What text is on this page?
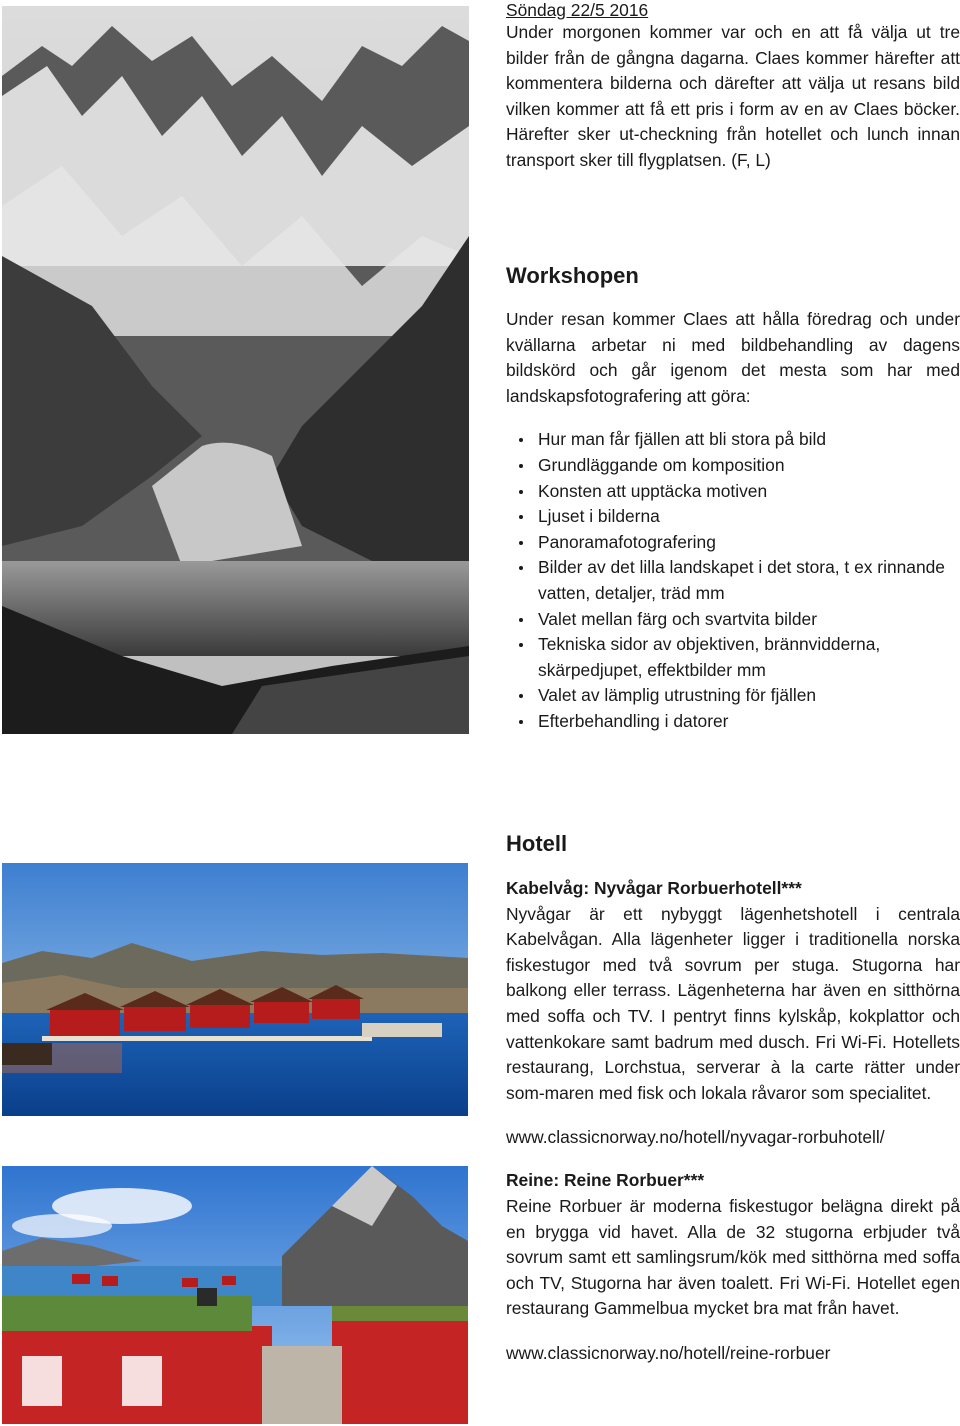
Söndag 22/5 2016

Under morgonen kommer var och en att få välja ut tre bilder från de gångna dagarna. Claes kommer härefter att kommentera bilderna och därefter att välja ut resans bild vilken kommer att få ett pris i form av en av Claes böcker. Härefter sker ut-checkning från hotellet och lunch innan transport sker till flygplatsen. (F, L)

Workshopen

Under resan kommer Claes att hålla föredrag och under kvällarna arbetar ni med bildbehandling av dagens bildskörd och går igenom det mesta som har med landskapsfotografering att göra:

Hur man får fjällen att bli stora på bild
Grundläggande om komposition
Konsten att upptäcka motiven
Ljuset i bilderna
Panoramafotografering
Bilder av det lilla landskapet i det stora, t ex rinnande vatten, detaljer, träd mm
Valet mellan färg och svartvita bilder
Tekniska sidor av objektiven, brännvidderna, skärpedjupet, effektbilder mm
Valet av lämplig utrustning för fjällen
Efterbehandling i datorer
Hotell

Kabelvåg: Nyvågar Rorbuerhotell***

Nyvågar är ett nybyggt lägenhetshotell i centrala Kabelvågan. Alla lägenheter ligger i traditionella norska fiskestugor med två sovrum per stuga. Stugorna har balkong eller terrass. Lägenheterna har även en sitthörna med soffa och TV. I pentryt finns kylskåp, kokplattor och vattenkokare samt badrum med dusch. Fri Wi-Fi. Hotellets restaurang, Lorchstua, serverar à la carte rätter under som-maren med fisk och lokala råvaror som specialitet.

www.classicnorway.no/hotell/nyvagar-rorbuhotell/

Reine: Reine Rorbuer***

Reine Rorbuer är moderna fiskestugor belägna direkt på en brygga vid havet. Alla de 32 stugorna erbjuder två sovrum samt ett samlingsrum/kök med sitthörna med soffa och TV, Stugorna har även toalett. Fri Wi-Fi. Hotellet egen restaurang Gammelbua mycket bra mat från havet.

www.classicnorway.no/hotell/reine-rorbuer
